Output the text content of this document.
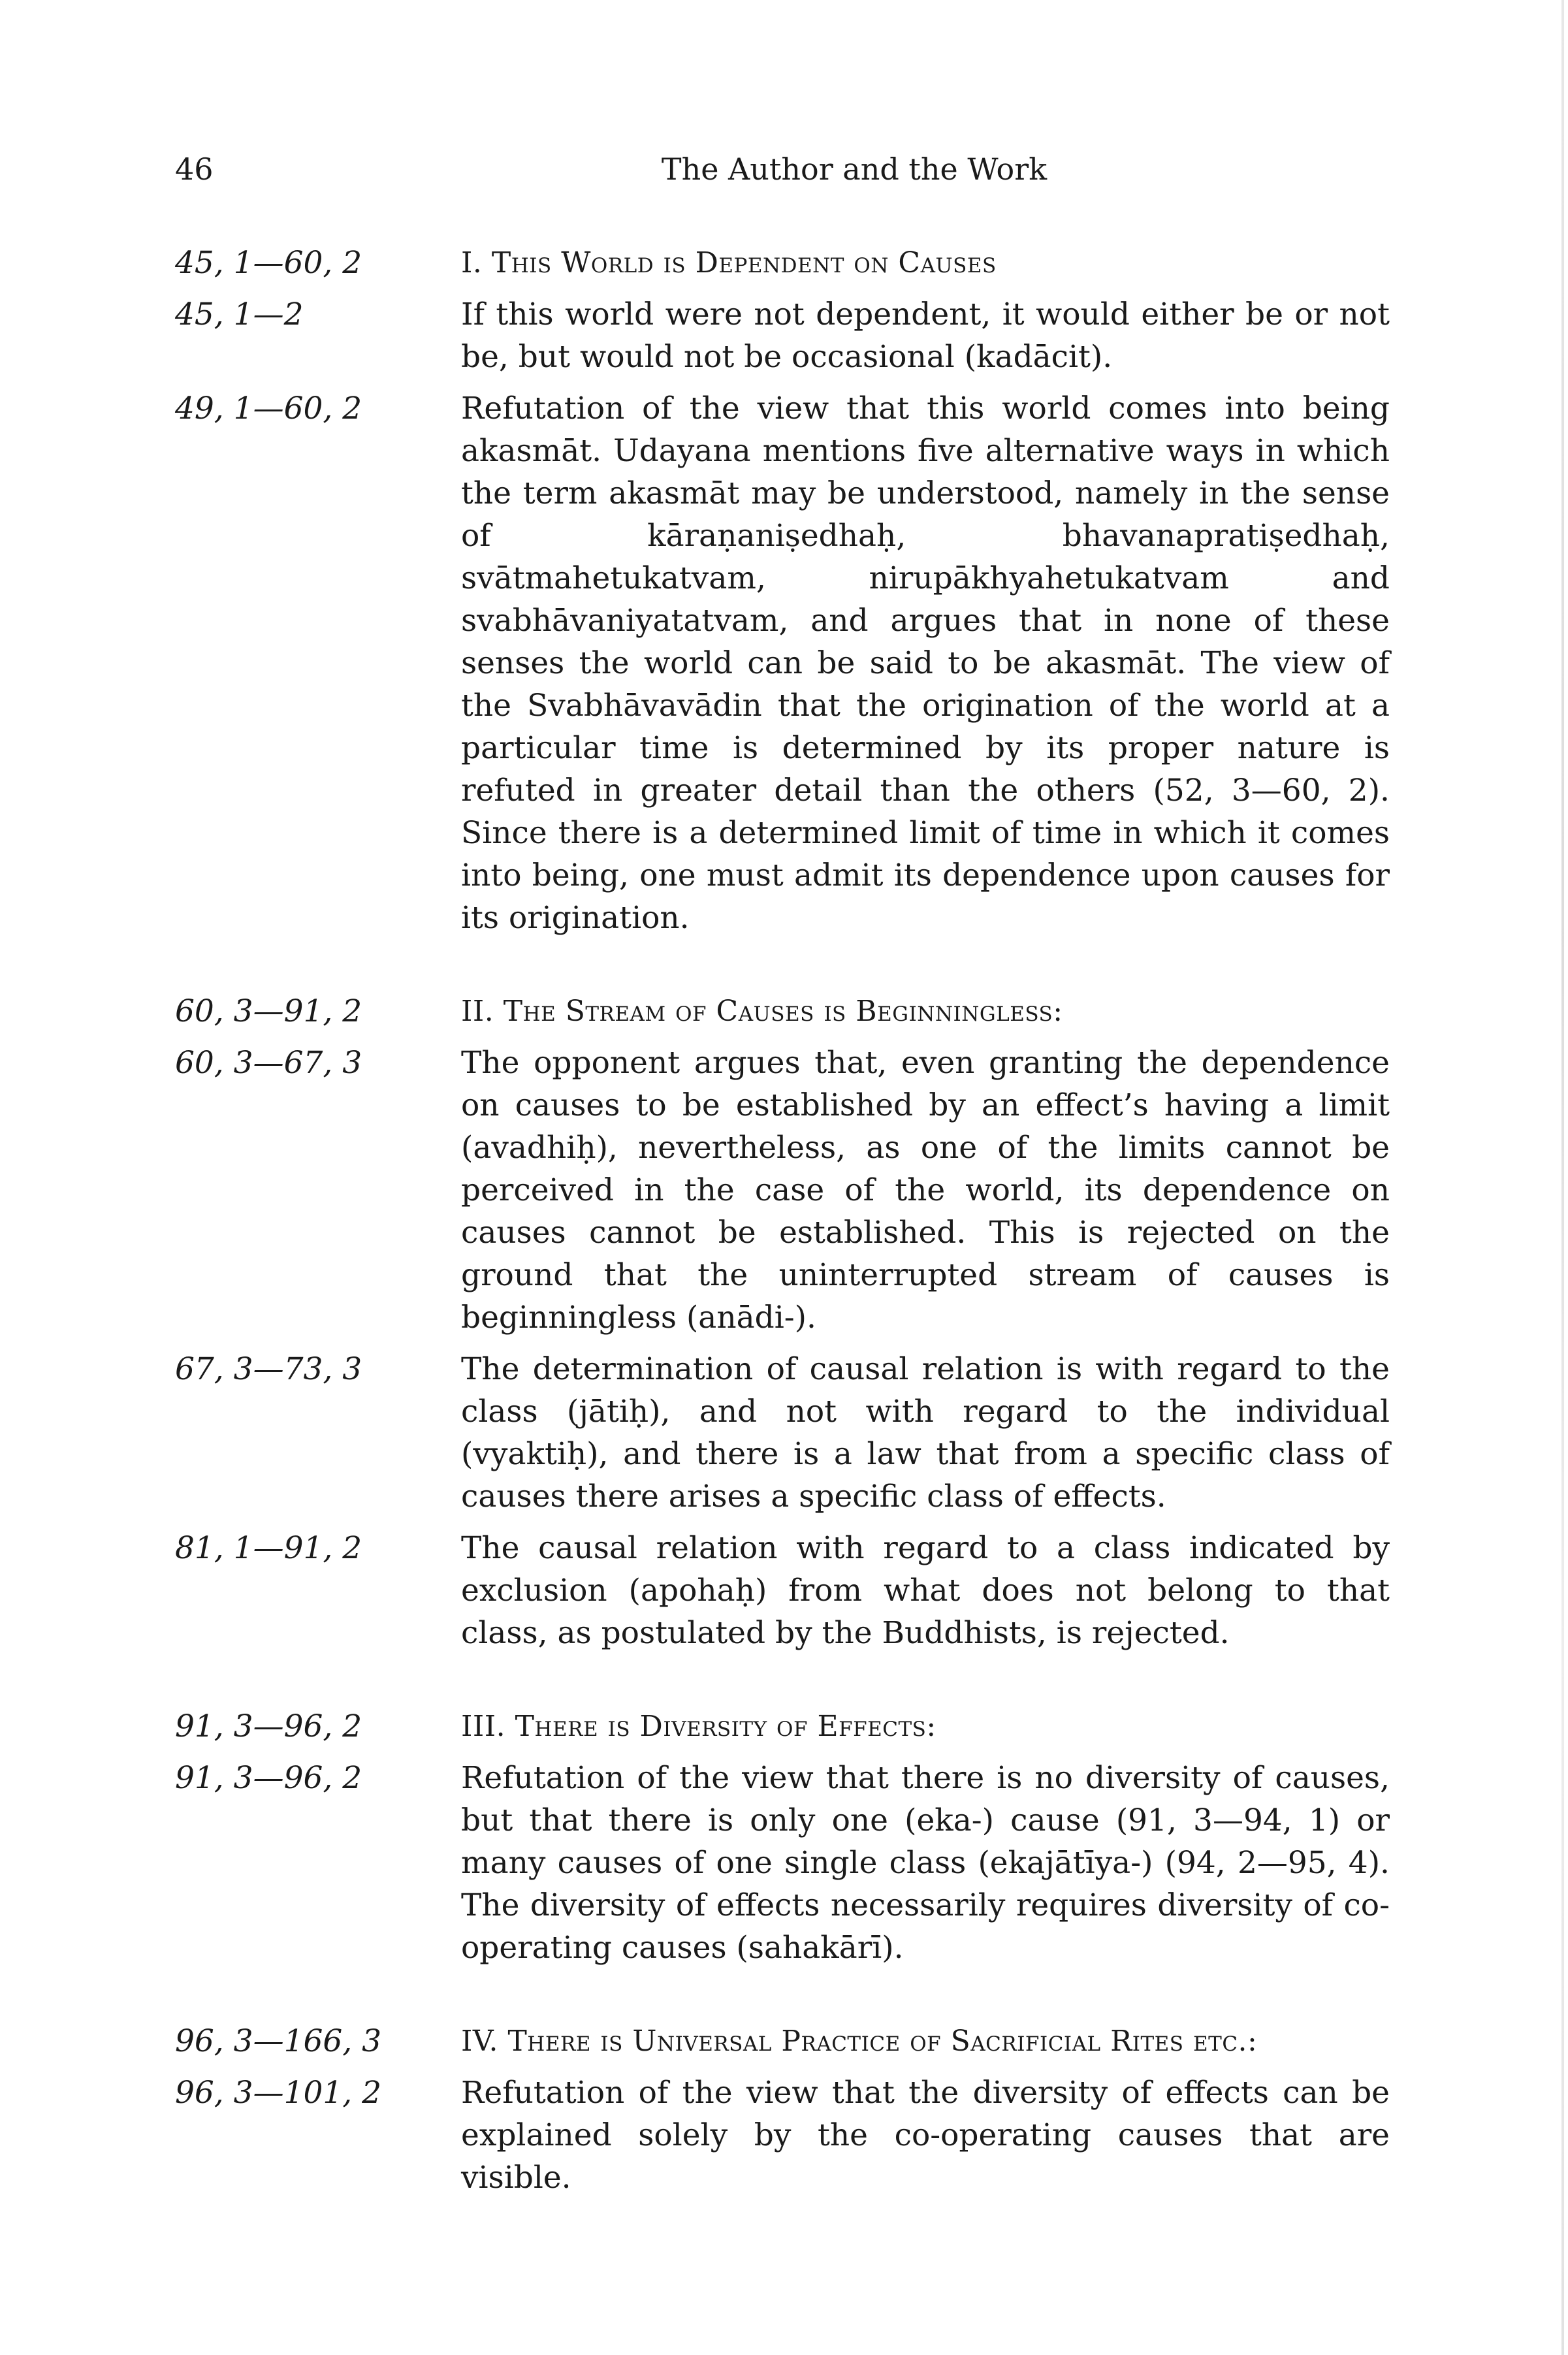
46	The Author and the Work
45, 1—60, 2	I. This World is Dependent on Causes
45, 1—2	If this world were not dependent, it would either be or not be, but would not be occasional (kadācit).
49, 1—60, 2	Refutation of the view that this world comes into being akasmāt. Udayana mentions five alternative ways in which the term akasmāt may be understood, namely in the sense of kāraṇaniṣedhaḥ, bhavanapratiṣedhaḥ, svātmahetukatvam, nirupākhyahetukatvam and svabhāvaniyatatvam, and argues that in none of these senses the world can be said to be akasmāt. The view of the Svabhāvavādin that the origination of the world at a particular time is determined by its proper nature is refuted in greater detail than the others (52, 3—60, 2). Since there is a determined limit of time in which it comes into being, one must admit its dependence upon causes for its origination.
60, 3—91, 2	II. The Stream of Causes is Beginningless:
60, 3—67, 3	The opponent argues that, even granting the dependence on causes to be established by an effect’s having a limit (avadhiḥ), nevertheless, as one of the limits cannot be perceived in the case of the world, its dependence on causes cannot be established. This is rejected on the ground that the uninterrupted stream of causes is beginningless (anādi-).
67, 3—73, 3	The determination of causal relation is with regard to the class (jātiḥ), and not with regard to the individual (vyaktiḥ), and there is a law that from a specific class of causes there arises a specific class of effects.
81, 1—91, 2	The causal relation with regard to a class indicated by exclusion (apohaḥ) from what does not belong to that class, as postulated by the Buddhists, is rejected.
91, 3—96, 2	III. There is Diversity of Effects:
91, 3—96, 2	Refutation of the view that there is no diversity of causes, but that there is only one (eka-) cause (91, 3—94, 1) or many causes of one single class (ekajātīya-) (94, 2—95, 4). The diversity of effects necessarily requires diversity of co-operating causes (sahakārī).
96, 3—166, 3	IV. There is Universal Practice of Sacrificial Rites etc.:
96, 3—101, 2	Refutation of the view that the diversity of effects can be explained solely by the co-operating causes that are visible.
